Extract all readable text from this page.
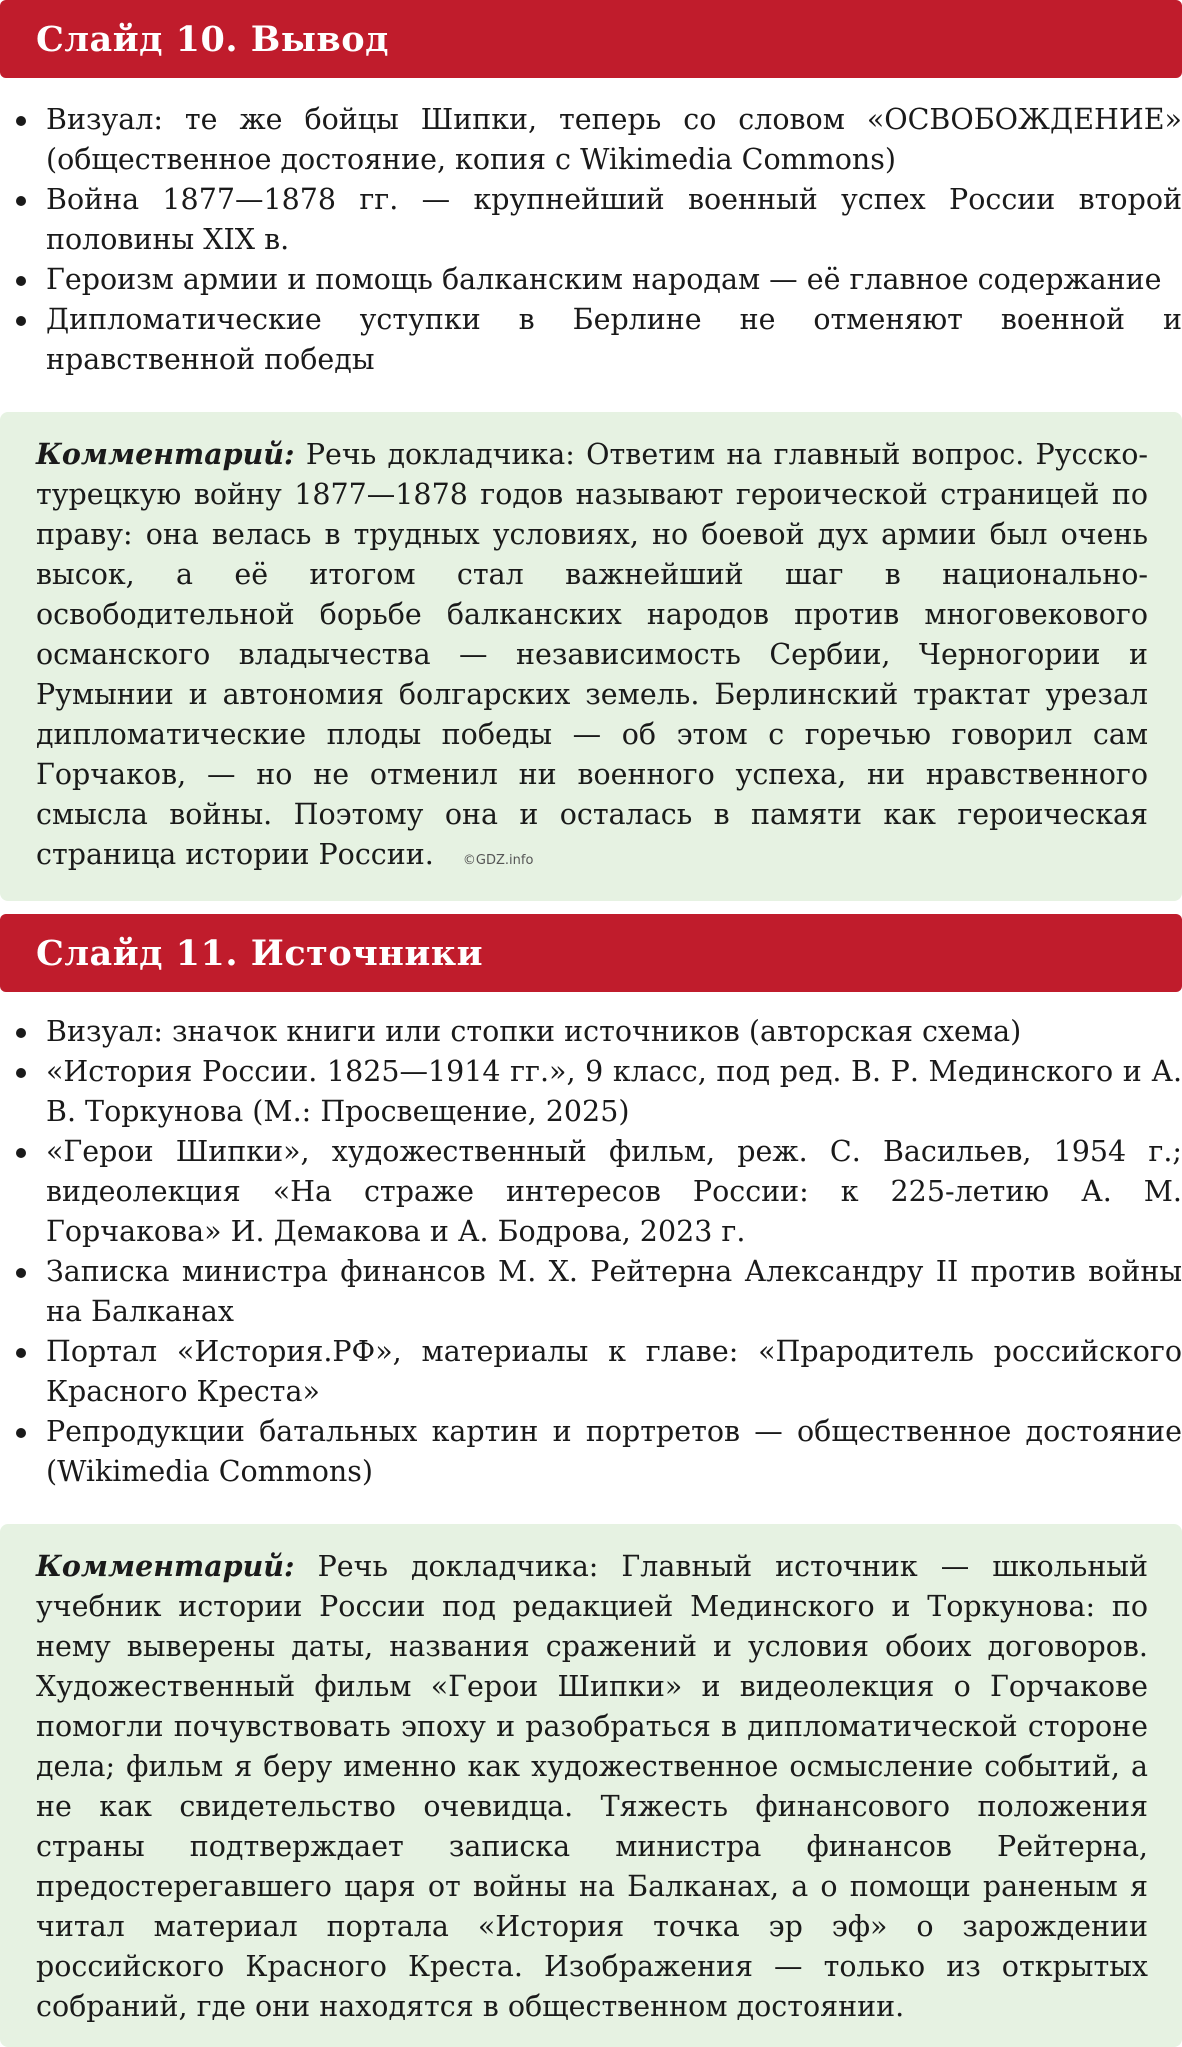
Слайд 10. Вывод
Визуал: те же бойцы Шипки, теперь со словом «ОСВОБОЖДЕНИЕ» (общественное достояние, копия с Wikimedia Commons)
Война 1877—1878 гг. — крупнейший военный успех России второй половины XIX в.
Героизм армии и помощь балканским народам — её главное содержание
Дипломатические уступки в Берлине не отменяют военной и нравственной победы
Комментарий: Речь докладчика: Ответим на главный вопрос. Русско-турецкую войну 1877—1878 годов называют героической страницей по праву: она велась в трудных условиях, но боевой дух армии был очень высок, а её итогом стал важнейший шаг в национально-освободительной борьбе балканских народов против многовекового османского владычества — независимость Сербии, Черногории и Румынии и автономия болгарских земель. Берлинский трактат урезал дипломатические плоды победы — об этом с горечью говорил сам Горчаков, — но не отменил ни военного успеха, ни нравственного смысла войны. Поэтому она и осталась в памяти как героическая страница истории России. ©GDZ.info
Слайд 11. Источники
Визуал: значок книги или стопки источников (авторская схема)
«История России. 1825—1914 гг.», 9 класс, под ред. В. Р. Мединского и А. В. Торкунова (М.: Просвещение, 2025)
«Герои Шипки», художественный фильм, реж. С. Васильев, 1954 г.; видеолекция «На страже интересов России: к 225-летию А. М. Горчакова» И. Демакова и А. Бодрова, 2023 г.
Записка министра финансов М. Х. Рейтерна Александру II против войны на Балканах
Портал «История.РФ», материалы к главе: «Прародитель российского Красного Креста»
Репродукции батальных картин и портретов — общественное достояние (Wikimedia Commons)
Комментарий: Речь докладчика: Главный источник — школьный учебник истории России под редакцией Мединского и Торкунова: по нему выверены даты, названия сражений и условия обоих договоров. Художественный фильм «Герои Шипки» и видеолекция о Горчакове помогли почувствовать эпоху и разобраться в дипломатической стороне дела; фильм я беру именно как художественное осмысление событий, а не как свидетельство очевидца. Тяжесть финансового положения страны подтверждает записка министра финансов Рейтерна, предостерегавшего царя от войны на Балканах, а о помощи раненым я читал материал портала «История точка эр эф» о зарождении российского Красного Креста. Изображения — только из открытых собраний, где они находятся в общественном достоянии.
